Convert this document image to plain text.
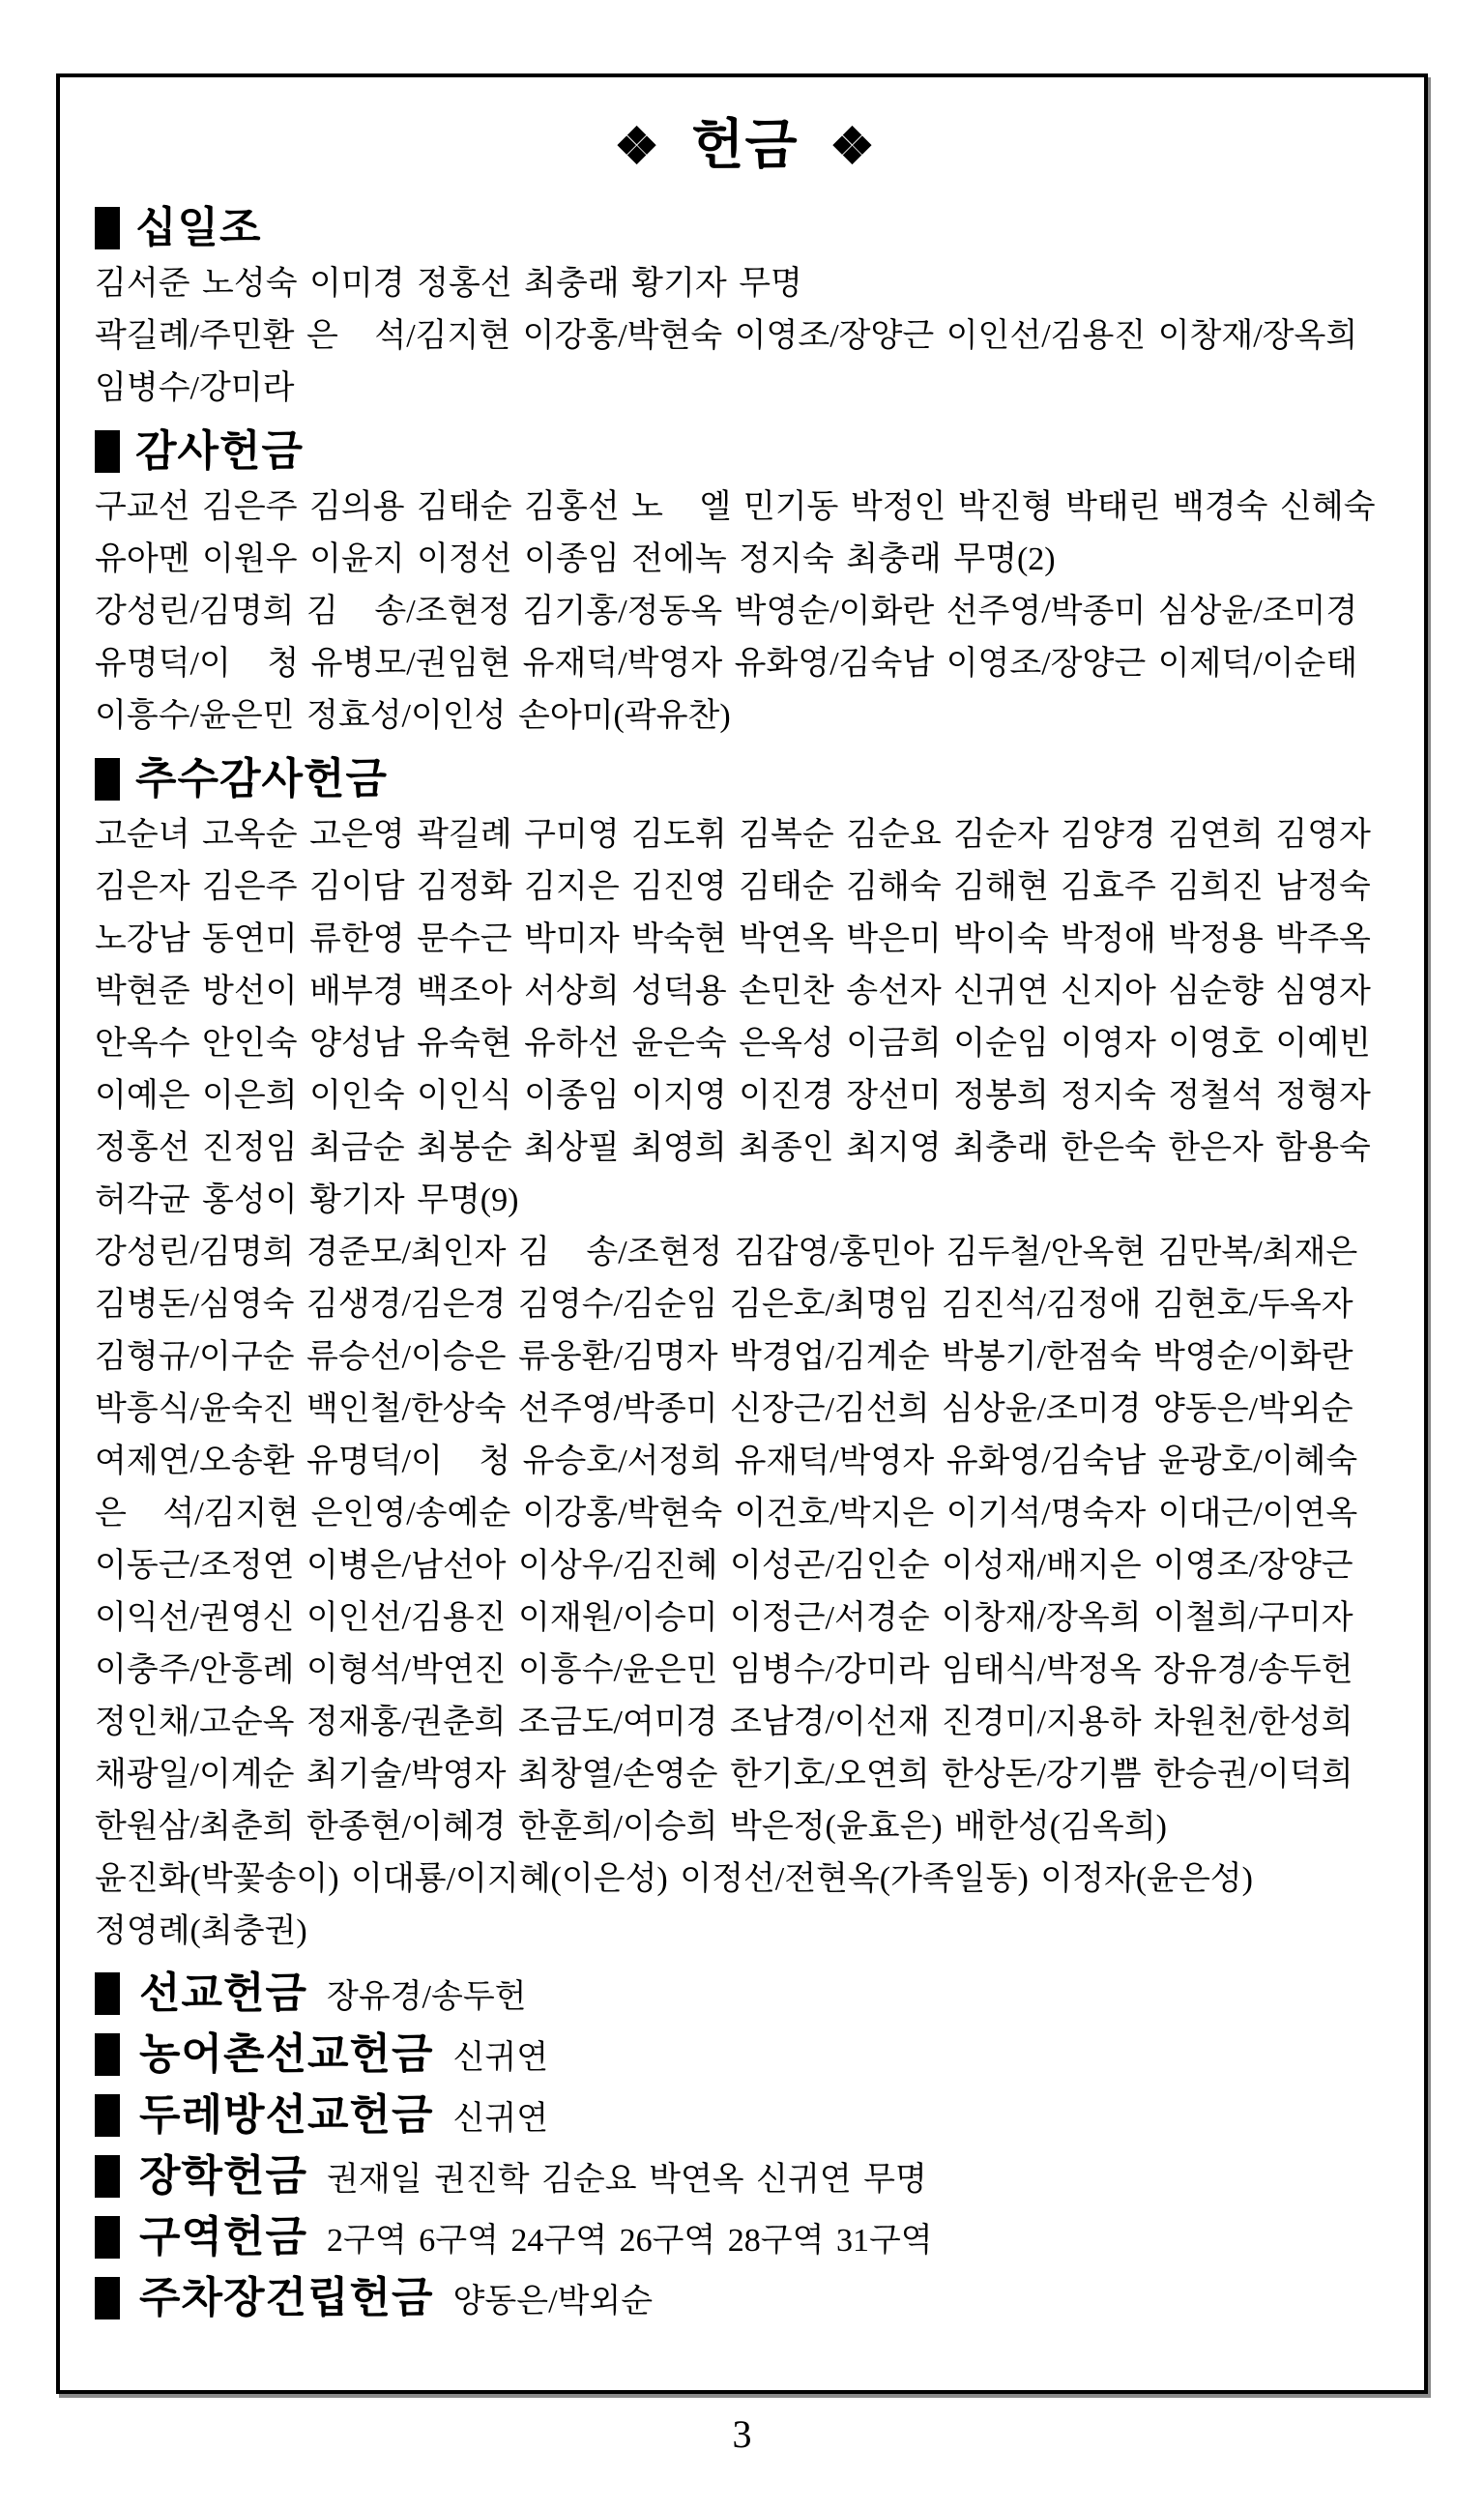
❖ 헌금 ❖
십일조
김서준 노성숙 이미경 정홍선 최충래 황기자 무명
곽길례/주민환 은   석/김지현 이강홍/박현숙 이영조/장양근 이인선/김용진 이창재/장옥희
임병수/강미라
감사헌금
구교선 김은주 김의용 김태순 김홍선 노   엘 민기동 박정인 박진형 박태린 백경숙 신혜숙
유아멘 이원우 이윤지 이정선 이종임 전에녹 정지숙 최충래 무명(2)
강성린/김명희 김   송/조현정 김기홍/정동옥 박영순/이화란 선주영/박종미 심상윤/조미경
유명덕/이   청 유병모/권임현 유재덕/박영자 유화영/김숙남 이영조/장양근 이제덕/이순태
이흥수/윤은민 정효성/이인성 손아미(곽유찬)
추수감사헌금
고순녀 고옥순 고은영 곽길례 구미영 김도휘 김복순 김순요 김순자 김양경 김연희 김영자
김은자 김은주 김이담 김정화 김지은 김진영 김태순 김해숙 김해현 김효주 김희진 남정숙
노강남 동연미 류한영 문수근 박미자 박숙현 박연옥 박은미 박이숙 박정애 박정용 박주옥
박현준 방선이 배부경 백조아 서상희 성덕용 손민찬 송선자 신귀연 신지아 심순향 심영자
안옥수 안인숙 양성남 유숙현 유하선 윤은숙 은옥성 이금희 이순임 이영자 이영호 이예빈
이예은 이은희 이인숙 이인식 이종임 이지영 이진경 장선미 정봉희 정지숙 정철석 정형자
정홍선 진정임 최금순 최봉순 최상필 최영희 최종인 최지영 최충래 한은숙 한은자 함용숙
허각균 홍성이 황기자 무명(9)
강성린/김명희 경준모/최인자 김   송/조현정 김갑영/홍민아 김두철/안옥현 김만복/최재은
김병돈/심영숙 김생경/김은경 김영수/김순임 김은호/최명임 김진석/김정애 김현호/두옥자
김형규/이구순 류승선/이승은 류웅환/김명자 박경업/김계순 박봉기/한점숙 박영순/이화란
박흥식/윤숙진 백인철/한상숙 선주영/박종미 신장근/김선희 심상윤/조미경 양동은/박외순
여제연/오송환 유명덕/이   청 유승호/서정희 유재덕/박영자 유화영/김숙남 윤광호/이혜숙
은   석/김지현 은인영/송예순 이강홍/박현숙 이건호/박지은 이기석/명숙자 이대근/이연옥
이동근/조정연 이병은/남선아 이상우/김진혜 이성곤/김인순 이성재/배지은 이영조/장양근
이익선/권영신 이인선/김용진 이재원/이승미 이정근/서경순 이창재/장옥희 이철희/구미자
이충주/안흥례 이형석/박연진 이흥수/윤은민 임병수/강미라 임태식/박정옥 장유경/송두헌
정인채/고순옥 정재홍/권춘희 조금도/여미경 조남경/이선재 진경미/지용하 차원천/한성희
채광일/이계순 최기술/박영자 최창열/손영순 한기호/오연희 한상돈/강기쁨 한승권/이덕희
한원삼/최춘희 한종현/이혜경 한훈희/이승희 박은정(윤효은) 배한성(김옥희)
윤진화(박꽃송이) 이대룡/이지혜(이은성) 이정선/전현옥(가족일동) 이정자(윤은성)
정영례(최충권)
선교헌금 장유경/송두헌
농어촌선교헌금 신귀연
두레방선교헌금 신귀연
장학헌금 권재일 권진학 김순요 박연옥 신귀연 무명
구역헌금 2구역 6구역 24구역 26구역 28구역 31구역
주차장건립헌금 양동은/박외순
3
